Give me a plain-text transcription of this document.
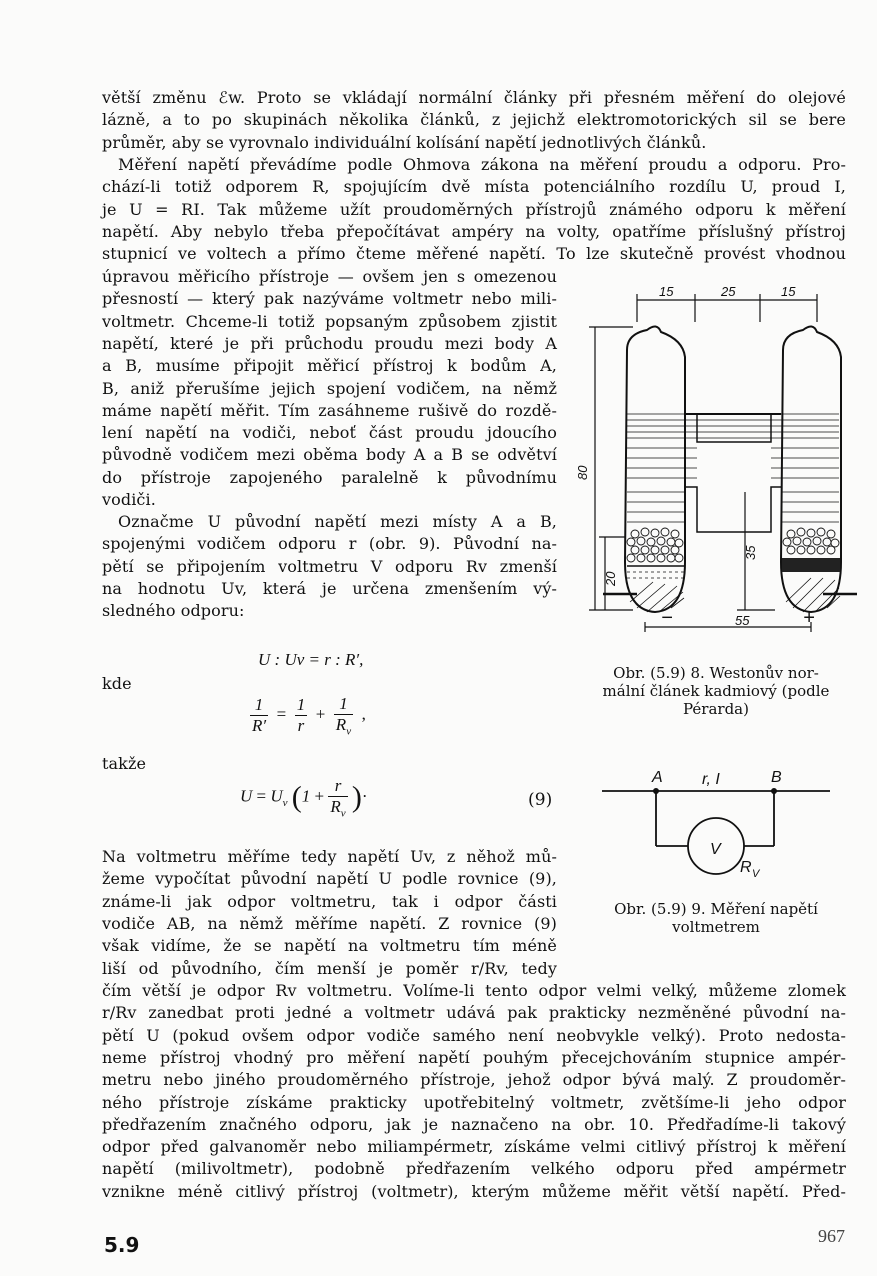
větší změnu ℰw. Proto se vkládají normální články při přesném měření do olejové
lázně, a to po skupinách několika článků, z jejichž elektromotorických sil se bere
průměr, aby se vyrovnalo individuální kolísání napětí jednotlivých článků.
Měření napětí převádíme podle Ohmova zákona na měření proudu a odporu. Pro-
chází-li totiž odporem R, spojujícím dvě místa potenciálního rozdílu U, proud I,
je U = RI. Tak můžeme užít proudoměrných přístrojů známého odporu k měření
napětí. Aby nebylo třeba přepočítávat ampéry na volty, opatříme příslušný přístroj
stupnicí ve voltech a přímo čteme měřené napětí. To lze skutečně provést vhodnou
úpravou měřicího přístroje — ovšem jen s omezenou
přesností — který pak nazýváme voltmetr nebo mili-
voltmetr. Chceme-li totiž popsaným způsobem zjistit
napětí, které je při průchodu proudu mezi body A
a B, musíme připojit měřicí přístroj k bodům A,
B, aniž přerušíme jejich spojení vodičem, na němž
máme napětí měřit. Tím zasáhneme rušivě do rozdě-
lení napětí na vodiči, neboť část proudu jdoucího
původně vodičem mezi oběma body A a B se odvětví
do přístroje zapojeného paralelně k původnímu
vodiči.
Označme U původní napětí mezi místy A a B,
spojenými vodičem odporu r (obr. 9). Původní na-
pětí se připojením voltmetru V odporu Rv zmenší
na hodnotu Uv, která je určena zmenšením vý-
sledného odporu:
U : Uv = r : R′,
kde
$\frac{1}{R'} = \frac{1}{r} + \frac{1}{R_v}$ ,
takže
$U = U_v$ ($1 + \frac{r}{R_v}$ )·	(9)
Na voltmetru měříme tedy napětí Uv, z něhož mů-
žeme vypočítat původní napětí U podle rovnice (9),
známe-li jak odpor voltmetru, tak i odpor části
vodiče AB, na němž měříme napětí. Z rovnice (9)
však vidíme, že se napětí na voltmetru tím méně
liší od původního, čím menší je poměr r/Rv, tedy
čím větší je odpor Rv voltmetru. Volíme-li tento odpor velmi velký, můžeme zlomek
r/Rv zanedbat proti jedné a voltmetr udává pak prakticky nezměněné původní na-
pětí U (pokud ovšem odpor vodiče samého není neobvykle velký). Proto nedosta-
neme přístroj vhodný pro měření napětí pouhým přecejchováním stupnice ampér-
metru nebo jiného proudoměrného přístroje, jehož odpor bývá malý. Z proudoměr-
ného přístroje získáme prakticky upotřebitelný voltmetr, zvětšíme-li jeho odpor
předřazením značného odporu, jak je naznačeno na obr. 10. Předřadíme-li takový
odpor před galvanoměr nebo miliampérmetr, získáme velmi citlivý přístroj k měření
napětí (milivoltmetr), podobně předřazením velkého odporu před ampérmetr
vznikne méně citlivý přístroj (voltmetr), kterým můžeme měřit větší napětí. Před-
15	25	15
80
35
20
55
−	+
Obr. (5.9) 8. Westonův nor-
mální článek kadmiový (podle
Pérarda)
A r, I	B
V
R V
Obr. (5.9) 9. Měření napětí
voltmetrem
5.9	967
